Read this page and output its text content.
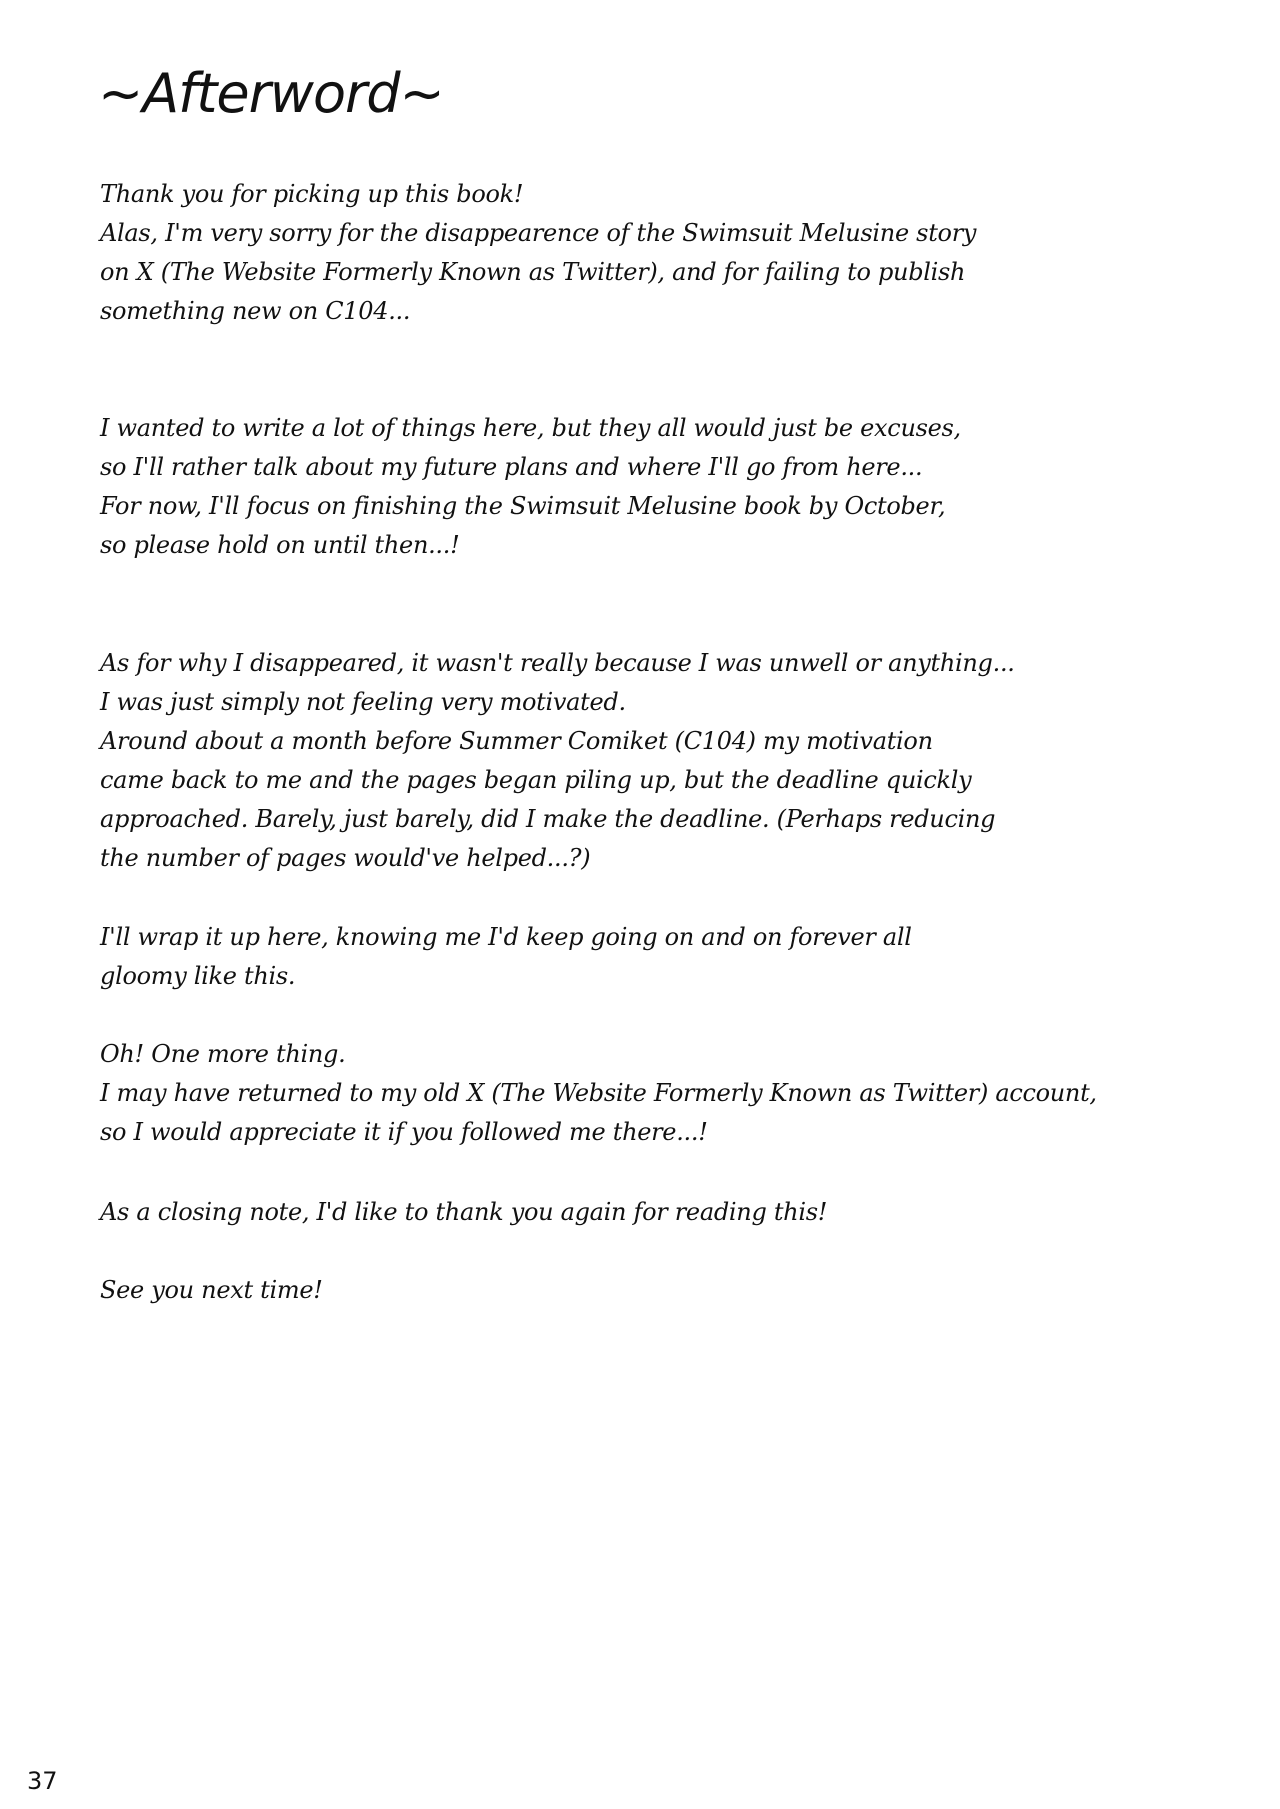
~Afterword~

Thank you for picking up this book!
Alas, I'm very sorry for the disappearence of the Swimsuit Melusine story
on X (The Website Formerly Known as Twitter), and for failing to publish
something new on C104...

I wanted to write a lot of things here, but they all would just be excuses,
so I'll rather talk about my future plans and where I'll go from here...
For now, I'll focus on finishing the Swimsuit Melusine book by October,
so please hold on until then...!

As for why I disappeared, it wasn't really because I was unwell or anything...
I was just simply not feeling very motivated.
Around about a month before Summer Comiket (C104) my motivation
came back to me and the pages began piling up, but the deadline quickly
approached. Barely, just barely, did I make the deadline. (Perhaps reducing
the number of pages would've helped...?)

I'll wrap it up here, knowing me I'd keep going on and on forever all
gloomy like this.

Oh! One more thing.
I may have returned to my old X (The Website Formerly Known as Twitter) account,
so I would appreciate it if you followed me there...!

As a closing note, I'd like to thank you again for reading this!

See you next time!

37
